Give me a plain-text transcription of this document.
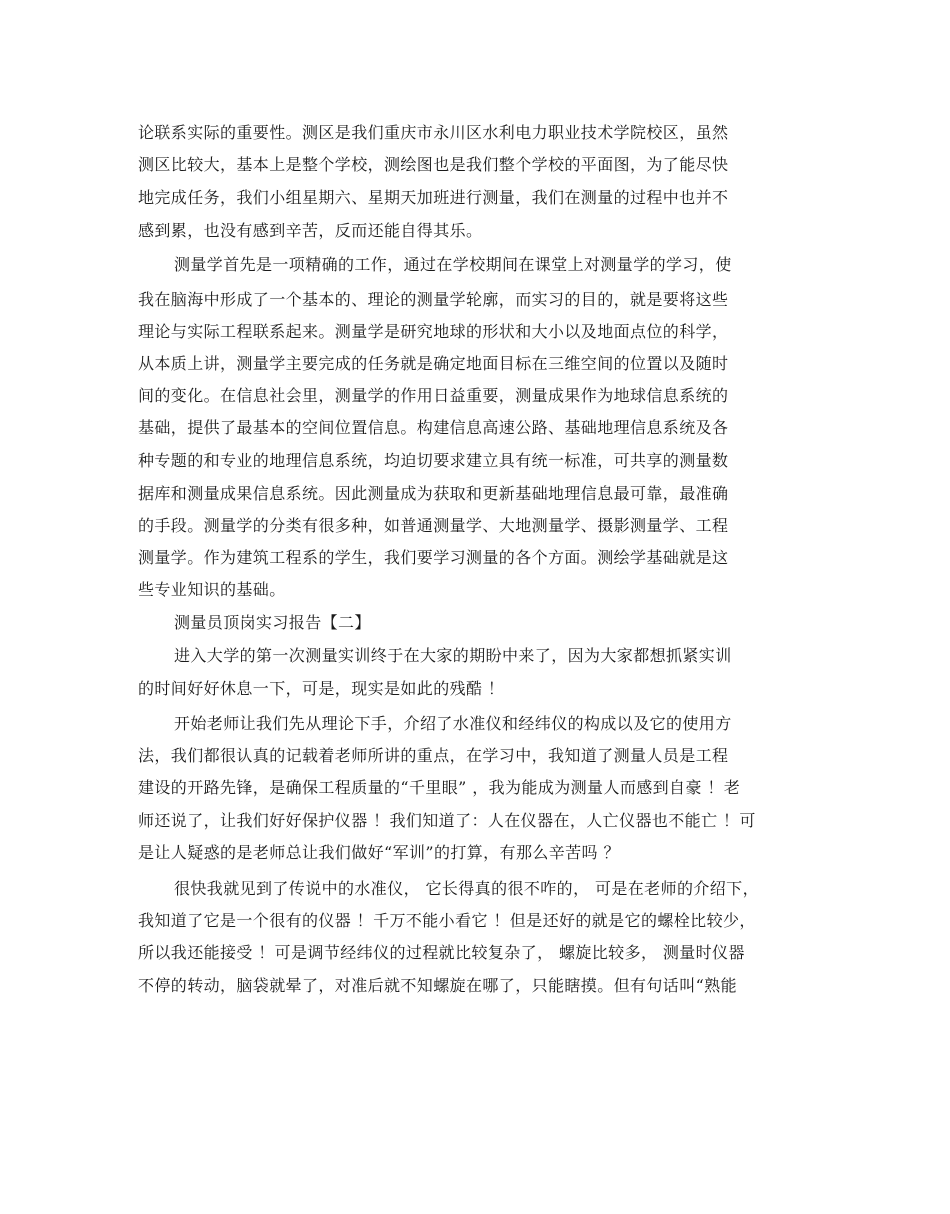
论联系实际的重要性。测区是我们重庆市永川区水利电力职业技术学院校区，虽然
测区比较大，基本上是整个学校，测绘图也是我们整个学校的平面图，为了能尽快
地完成任务，我们小组星期六、星期天加班进行测量，我们在测量的过程中也并不
感到累，也没有感到辛苦，反而还能自得其乐。
测量学首先是一项精确的工作，通过在学校期间在课堂上对测量学的学习，使
我在脑海中形成了一个基本的、理论的测量学轮廓，而实习的目的，就是要将这些
理论与实际工程联系起来。测量学是研究地球的形状和大小以及地面点位的科学，
从本质上讲，测量学主要完成的任务就是确定地面目标在三维空间的位置以及随时
间的变化。在信息社会里，测量学的作用日益重要，测量成果作为地球信息系统的
基础，提供了最基本的空间位置信息。构建信息高速公路、基础地理信息系统及各
种专题的和专业的地理信息系统，均迫切要求建立具有统一标准，可共享的测量数
据库和测量成果信息系统。因此测量成为获取和更新基础地理信息最可靠，最准确
的手段。测量学的分类有很多种，如普通测量学、大地测量学、摄影测量学、工程
测量学。作为建筑工程系的学生，我们要学习测量的各个方面。测绘学基础就是这
些专业知识的基础。
测量员顶岗实习报告【二】
进入大学的第一次测量实训终于在大家的期盼中来了，因为大家都想抓紧实训
的时间好好休息一下，可是，现实是如此的残酷 ！
开始老师让我们先从理论下手，介绍了水准仪和经纬仪的构成以及它的使用方
法，我们都很认真的记载着老师所讲的重点，在学习中，我知道了测量人员是工程
建设的开路先锋，是确保工程质量的“千里眼” ，我为能成为测量人而感到自豪 ！老
师还说了，让我们好好保护仪器 ！我们知道了：人在仪器在，人亡仪器也不能亡 ！可
是让人疑惑的是老师总让我们做好“军训”的打算，有那么辛苦吗 ？
很快我就见到了传说中的水准仪， 它长得真的很不咋的， 可是在老师的介绍下，
我知道了它是一个很有的仪器 ！千万不能小看它 ！但是还好的就是它的螺栓比较少，
所以我还能接受 ！可是调节经纬仪的过程就比较复杂了， 螺旋比较多， 测量时仪器
不停的转动，脑袋就晕了，对准后就不知螺旋在哪了，只能瞎摸。但有句话叫“熟能
